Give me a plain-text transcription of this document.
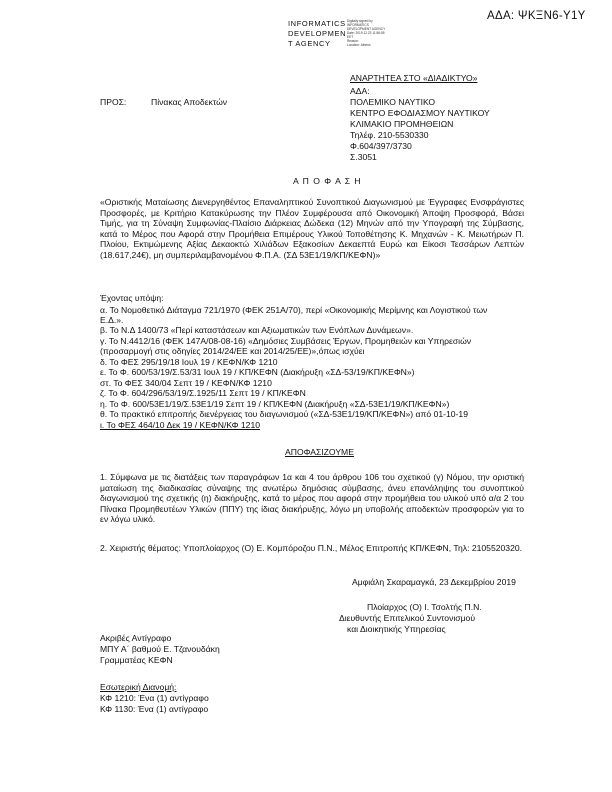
ΑΔΑ: ΨΚΞΝ6-Υ1Υ
INFORMATICS
DEVELOPMEN
T AGENCY
Digitally signed by
INFORMATICS
DEVELOPMENT AGENCY
Date: 2019.12.23 11:56:55
EET
Reason:
Location: Athens
ΑΝΑΡΤΗΤΕΑ ΣΤΟ «ΔΙΑΔΙΚΤΥΟ»
ΑΔΑ:
ΠΟΛΕΜΙΚΟ ΝΑΥΤΙΚΟ
ΚΕΝΤΡΟ ΕΦΟΔΙΑΣΜΟΥ ΝΑΥΤΙΚΟΥ
ΚΛΙΜΑΚΙΟ ΠΡΟΜΗΘΕΙΩΝ
Τηλέφ. 210-5530330
Φ.604/397/3730
Σ.3051
ΠΡΟΣ:	Πίνακας Αποδεκτών
Α Π Ο Φ Α Σ Η
«Οριστικής Ματαίωσης Διενεργηθέντος Επαναληπτικού Συνοπτικού Διαγωνισμού με Έγγραφες Ενσφράγιστες Προσφορές, με Κριτήριο Κατακύρωσης την Πλέον Συμφέρουσα από Οικονομική Άποψη Προσφορά, Βάσει Τιμής, για τη Σύναψη Συμφωνίας-Πλαίσιο Διάρκειας Δώδεκα (12) Μηνών από την Υπογραφή της Σύμβασης, κατά το Μέρος που Αφορά στην Προμήθεια Επιμέρους Υλικού Τοποθέτησης Κ. Μηχανών - Κ. Μειωτήρων Π. Πλοίου, Εκτιμώμενης Αξίας Δεκαοκτώ Χιλιάδων Εξακοσίων Δεκαεπτά Ευρώ και Είκοσι Τεσσάρων Λεπτών (18.617,24€), μη συμπεριλαμβανομένου Φ.Π.Α. (ΣΔ 53Ε1/19/ΚΠ/ΚΕΦΝ)»
Έχοντας υπόψη:
α. Το Νομοθετικό Διάταγμα 721/1970 (ΦΕΚ 251Α/70), περί «Οικονομικής Μερίμνης και Λογιστικού των
Ε.Δ.».
β. Το Ν.Δ 1400/73 «Περί καταστάσεων και Αξιωματικών των Ενόπλων Δυνάμεων».
γ. Το Ν.4412/16 (ΦΕΚ 147Α/08-08-16) «Δημόσιες Συμβάσεις Έργων, Προμηθειών και Υπηρεσιών
(προσαρμογή στις οδηγίες 2014/24/ΕΕ και 2014/25/ΕΕ)»,όπως ισχύει
δ. Το ΦΕΣ 295/19/18 Ιουλ 19 / ΚΕΦΝ/ΚΦ 1210
ε. Το Φ. 600/53/19/Σ.53/31 Ιουλ 19 / ΚΠ/ΚΕΦΝ (Διακήρυξη «ΣΔ-53/19/ΚΠ/ΚΕΦΝ»)
στ. Το ΦΕΣ 340/04 Σεπτ 19 / ΚΕΦΝ/ΚΦ 1210
ζ. Το Φ. 604/296/53/19/Σ.1925/11 Σεπτ 19 / ΚΠ/ΚΕΦΝ
η. Το Φ. 600/53Ε1/19/Σ.53Ε1/19 Σεπτ 19 / ΚΠ/ΚΕΦΝ (Διακήρυξη «ΣΔ-53Ε1/19/ΚΠ/ΚΕΦΝ»)
θ. Το πρακτικό επιτροπής διενέργειας του διαγωνισμού («ΣΔ-53Ε1/19/ΚΠ/ΚΕΦΝ») από 01-10-19
ι. Το ΦΕΣ 464/10 Δεκ 19 / ΚΕΦΝ/ΚΦ 1210
ΑΠΟΦΑΣΙΖΟΥΜΕ
1. Σύμφωνα με τις διατάξεις των παραγράφων 1α και 4 του άρθρου 106 του σχετικού (γ) Νόμου, την οριστική ματαίωση της διαδικασίας σύναψης της ανωτέρω δημόσιας σύμβασης, άνευ επανάληψης του συνοπτικού διαγωνισμού της σχετικής (η) διακήρυξης, κατά το μέρος που αφορά στην προμήθεια του υλικού υπό α/α 2 του Πίνακα Προμηθευτέων Υλικών (ΠΠΥ) της ίδιας διακήρυξης, λόγω μη υποβολής αποδεκτών προσφορών για το εν λόγω υλικό.
2. Χειριστής θέματος: Υποπλοίαρχος (Ο) Ε. Κομπόροζου Π.Ν., Μέλος Επιτροπής ΚΠ/ΚΕΦΝ, Τηλ: 2105520320.
Αμφιάλη Σκαραμαγκά, 23 Δεκεμβρίου 2019
Πλοίαρχος (Ο) Ι. Τσολτής Π.Ν.
Διευθυντής Επιτελικού Συντονισμού
και Διοικητικής Υπηρεσίας
Ακριβές Αντίγραφο
ΜΠΥ Α΄ βαθμού Ε. Τζανουδάκη
Γραμματέας ΚΕΦΝ
Εσωτερική Διανομή:
ΚΦ 1210: Ένα (1) αντίγραφο
ΚΦ 1130: Ένα (1) αντίγραφο
